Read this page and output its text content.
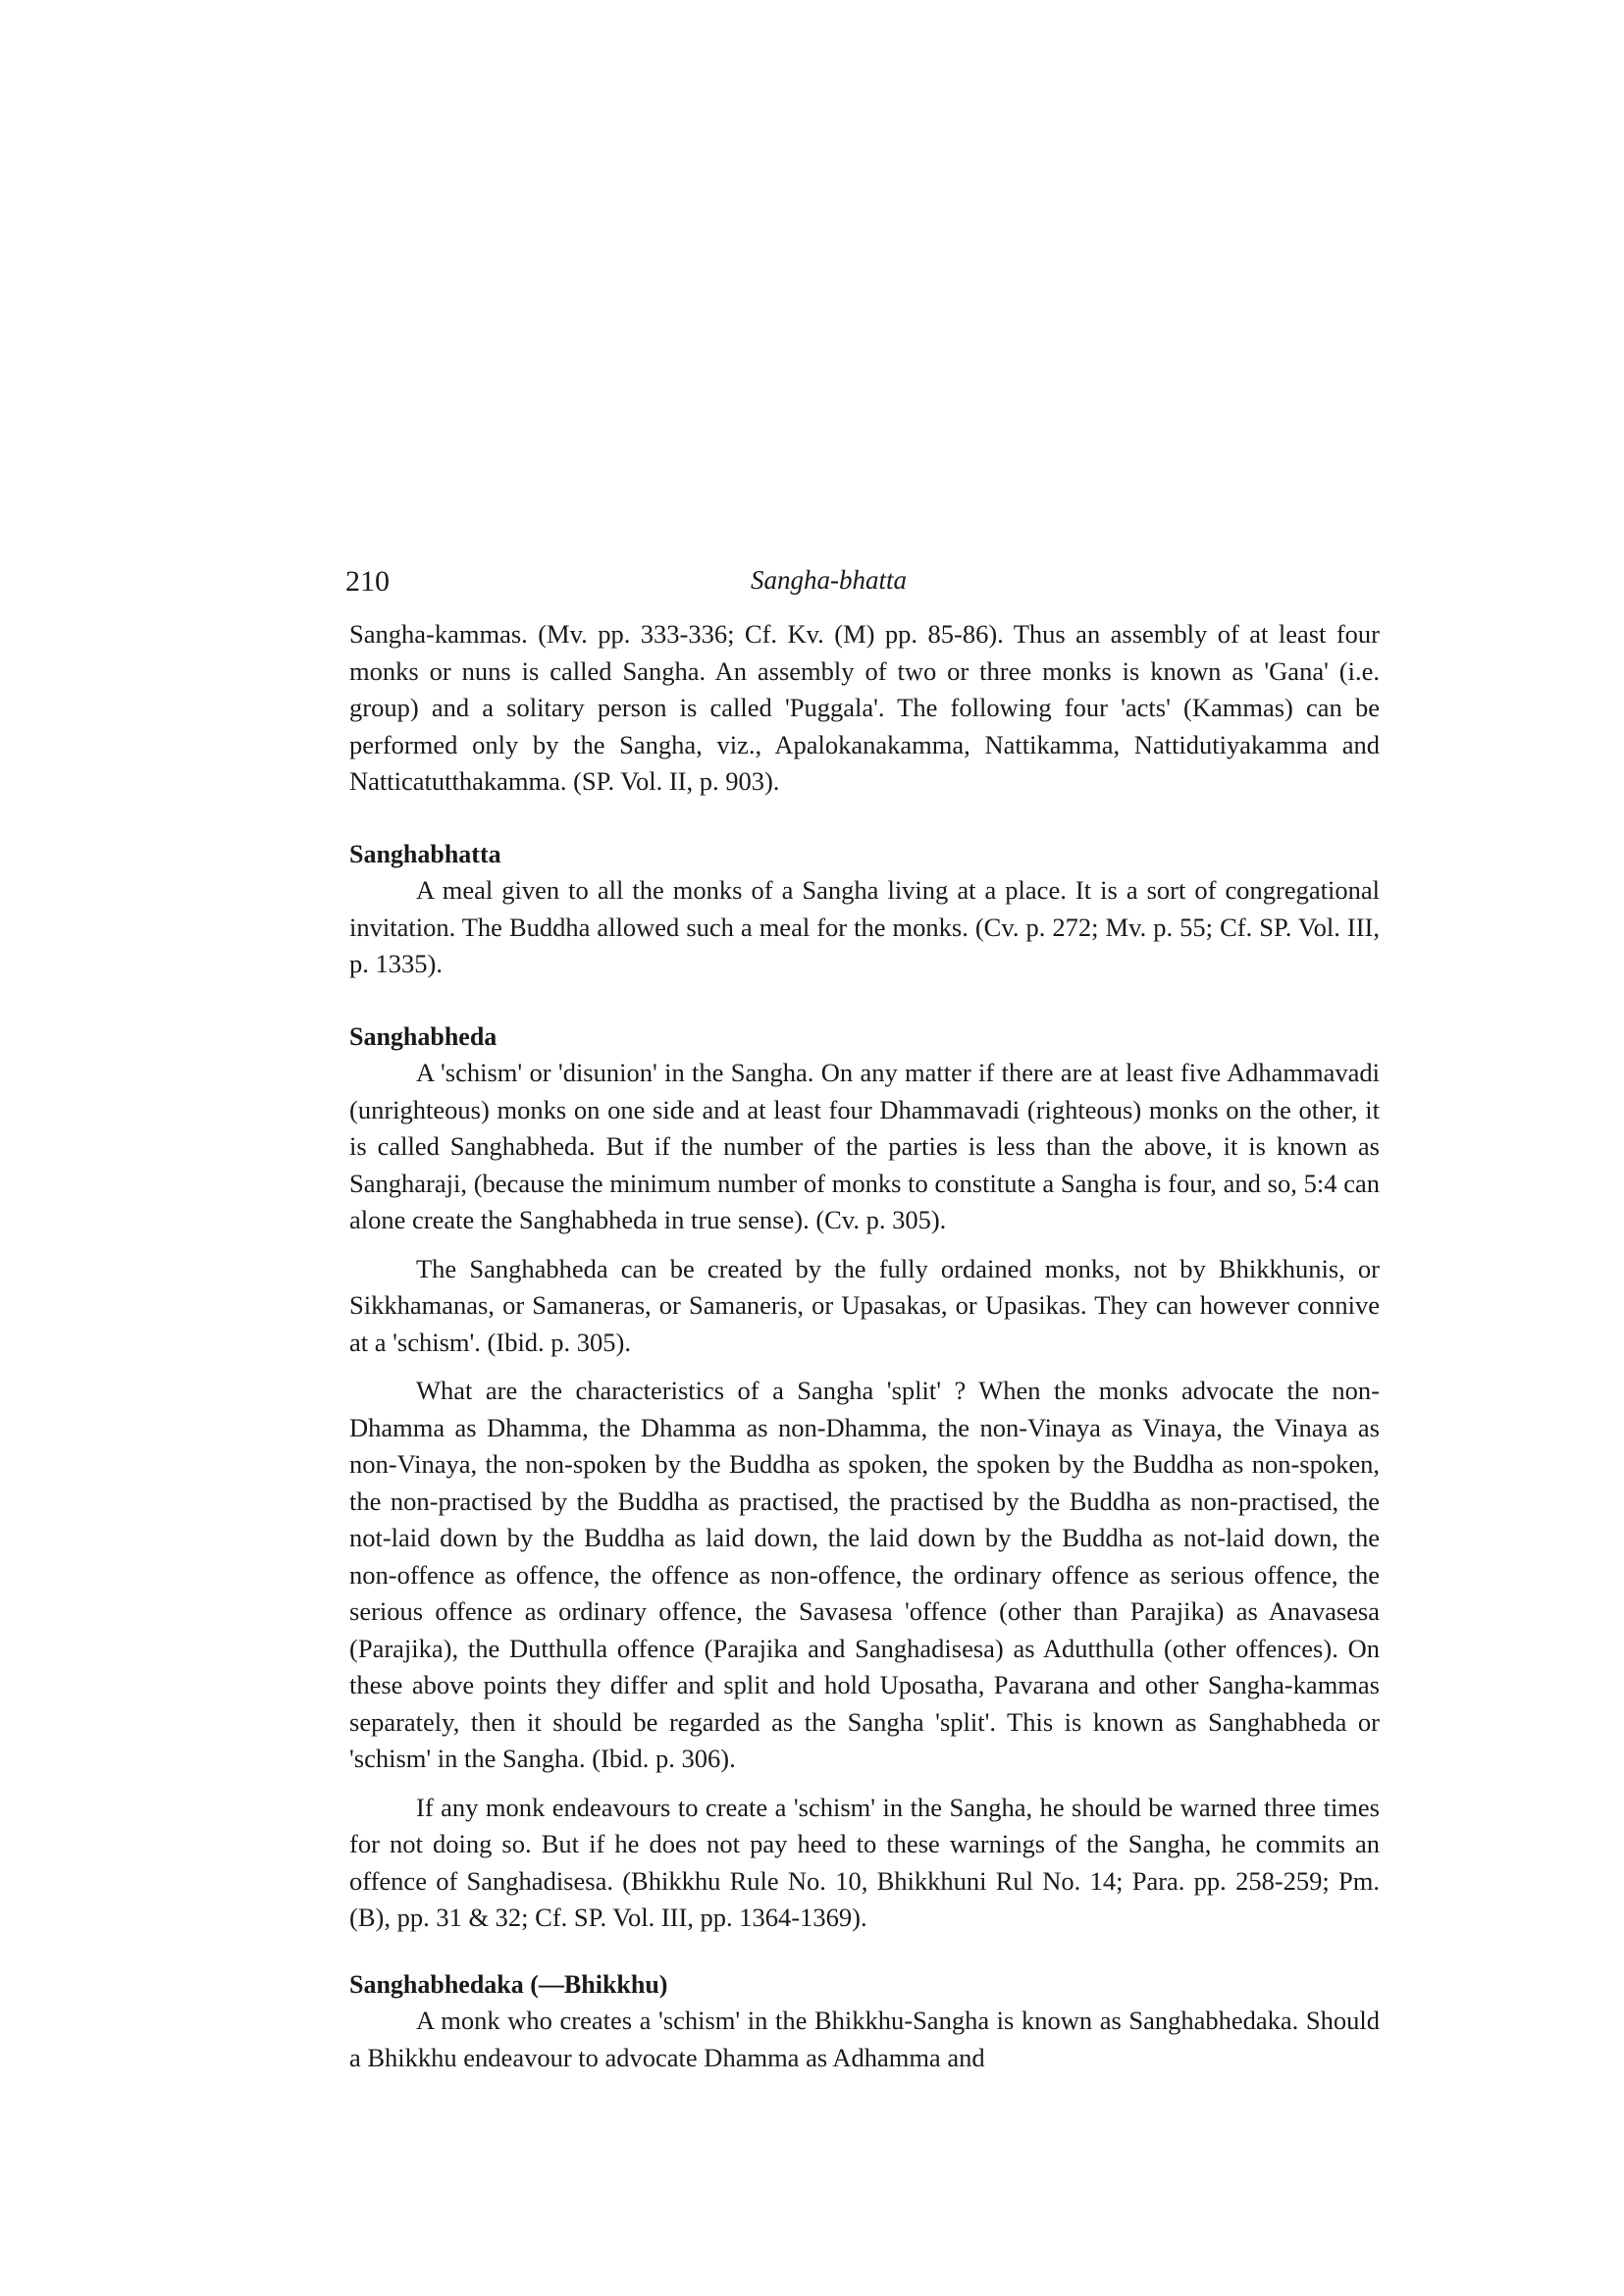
210	Sangha-bhatta

Sangha-kammas. (Mv. pp. 333-336; Cf. Kv. (M) pp. 85-86). Thus an assembly of at least four monks or nuns is called Sangha. An assembly of two or three monks is known as 'Gana' (i.e. group) and a solitary person is called 'Puggala'. The following four 'acts' (Kammas) can be performed only by the Sangha, viz., Apalokanakamma, Nattikamma, Nattidutiyakamma and Natticatutthakamma. (SP. Vol. II, p. 903).

Sanghabhatta

A meal given to all the monks of a Sangha living at a place. It is a sort of congregational invitation. The Buddha allowed such a meal for the monks. (Cv. p. 272; Mv. p. 55; Cf. SP. Vol. III, p. 1335).

Sanghabheda

A 'schism' or 'disunion' in the Sangha. On any matter if there are at least five Adhammavadi (unrighteous) monks on one side and at least four Dhammavadi (righteous) monks on the other, it is called Sanghabheda. But if the number of the parties is less than the above, it is known as Sangharaji, (because the minimum number of monks to constitute a Sangha is four, and so, 5:4 can alone create the Sanghabheda in true sense). (Cv. p. 305).

The Sanghabheda can be created by the fully ordained monks, not by Bhikkhunis, or Sikkhamanas, or Samaneras, or Samaneris, or Upasakas, or Upasikas. They can however connive at a 'schism'. (Ibid. p. 305).

What are the characteristics of a Sangha 'split' ? When the monks advocate the non-Dhamma as Dhamma, the Dhamma as non-Dhamma, the non-Vinaya as Vinaya, the Vinaya as non-Vinaya, the non-spoken by the Buddha as spoken, the spoken by the Buddha as non-spoken, the non-practised by the Buddha as practised, the practised by the Buddha as non-practised, the not-laid down by the Buddha as laid down, the laid down by the Buddha as not-laid down, the non-offence as offence, the offence as non-offence, the ordinary offence as serious offence, the serious offence as ordinary offence, the Savasesa 'offence (other than Parajika) as Anavasesa (Parajika), the Dutthulla offence (Parajika and Sanghadisesa) as Adutthulla (other offences). On these above points they differ and split and hold Uposatha, Pavarana and other Sangha-kammas separately, then it should be regarded as the Sangha 'split'. This is known as Sanghabheda or 'schism' in the Sangha. (Ibid. p. 306).

If any monk endeavours to create a 'schism' in the Sangha, he should be warned three times for not doing so. But if he does not pay heed to these warnings of the Sangha, he commits an offence of Sanghadisesa. (Bhikkhu Rule No. 10, Bhikkhuni Rul No. 14; Para. pp. 258-259; Pm. (B), pp. 31 & 32; Cf. SP. Vol. III, pp. 1364-1369).

Sanghabhedaka (—Bhikkhu)

A monk who creates a 'schism' in the Bhikkhu-Sangha is known as Sanghabhedaka. Should a Bhikkhu endeavour to advocate Dhamma as Adhamma and
